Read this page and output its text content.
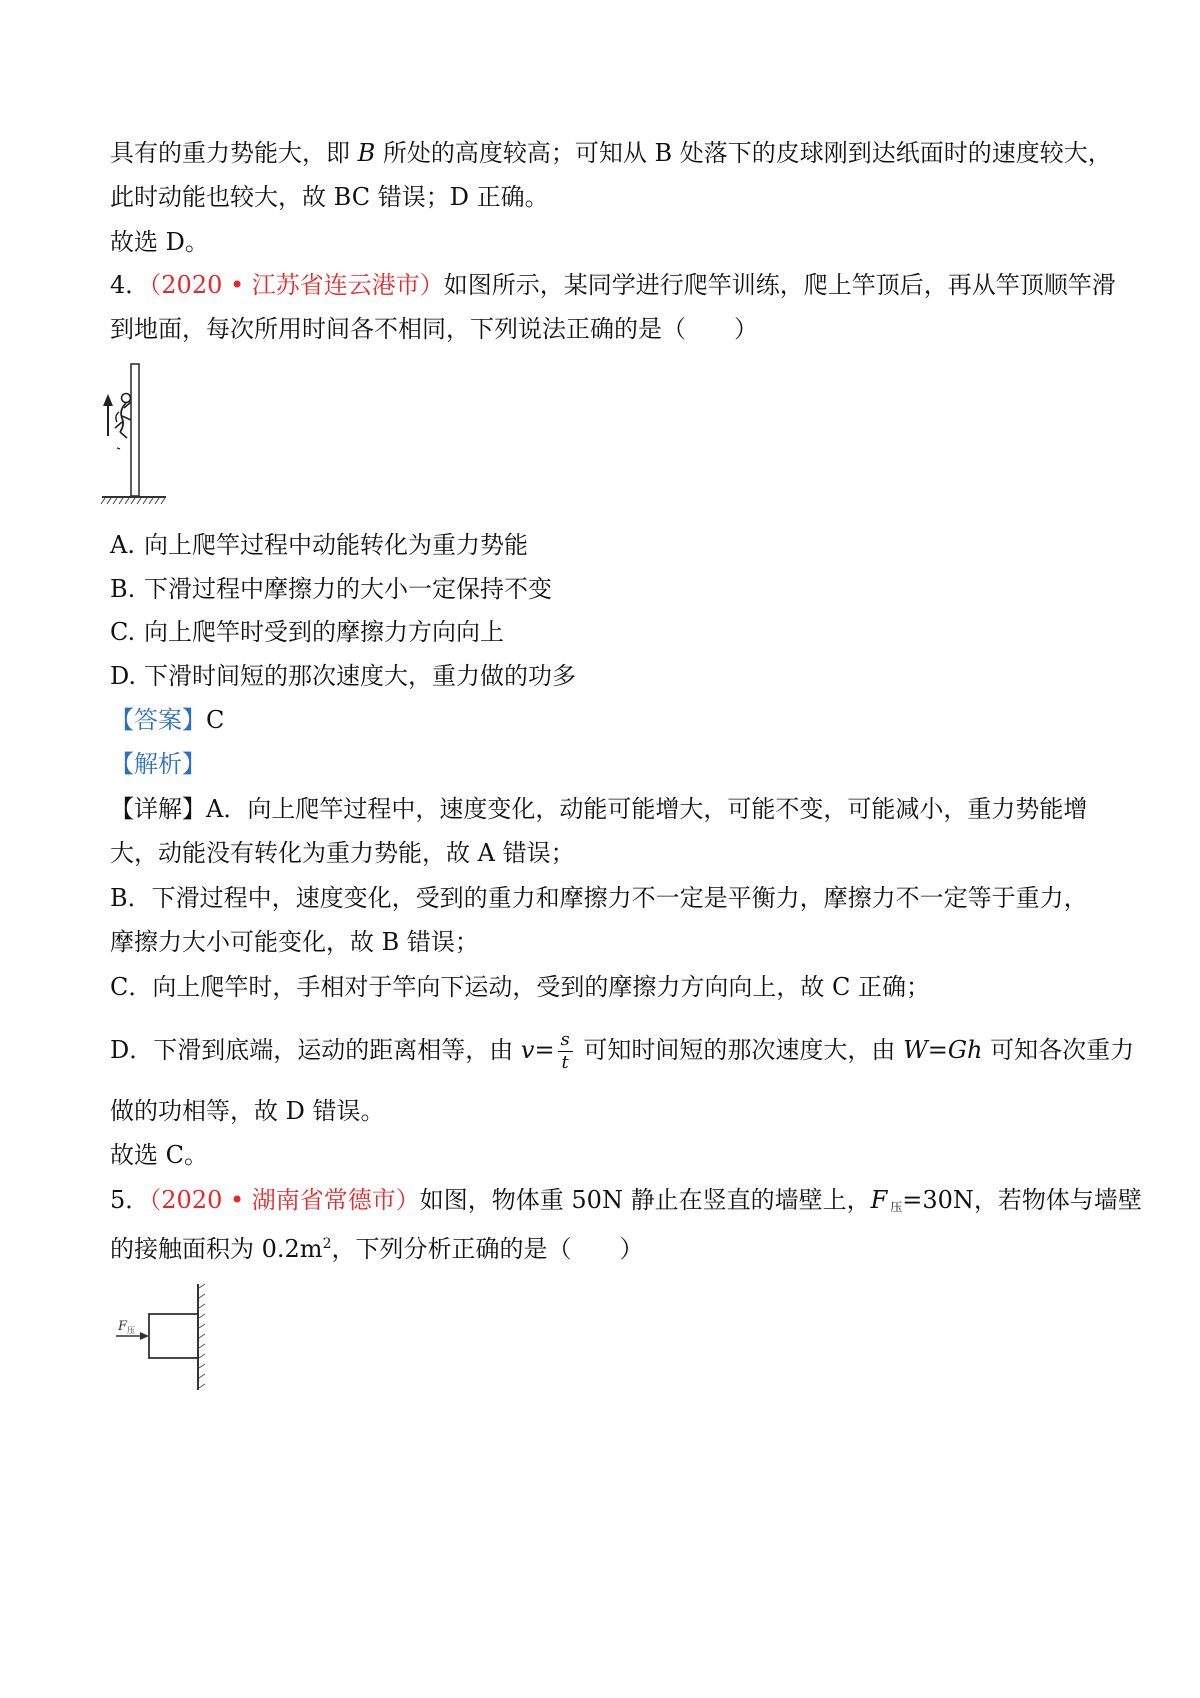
具有的重力势能大，即 B 所处的高度较高；可知从 B 处落下的皮球刚到达纸面时的速度较大，
此时动能也较大，故 BC 错误；D 正确。
故选 D。
4．（2020 • 江苏省连云港市）如图所示，某同学进行爬竿训练，爬上竿顶后，再从竿顶顺竿滑
到地面，每次所用时间各不相同，下列说法正确的是（　　）
A. 向上爬竿过程中动能转化为重力势能
B. 下滑过程中摩擦力的大小一定保持不变
C. 向上爬竿时受到的摩擦力方向向上
D. 下滑时间短的那次速度大，重力做的功多
【答案】C
【解析】
【详解】A．向上爬竿过程中，速度变化，动能可能增大，可能不变，可能减小，重力势能增
大，动能没有转化为重力势能，故 A 错误；
B．下滑过程中，速度变化，受到的重力和摩擦力不一定是平衡力，摩擦力不一定等于重力，
摩擦力大小可能变化，故 B 错误；
C．向上爬竿时，手相对于竿向下运动，受到的摩擦力方向向上，故 C 正确；
D．下滑到底端，运动的距离相等，由 $v= \frac{s}{t}$ 可知时间短的那次速度大，由 W=Gh 可知各次重力
做的功相等，故 D 错误。
故选 C。
5．（2020 • 湖南省常德市）如图，物体重 50N 静止在竖直的墙壁上，F $_压$=30N，若物体与墙壁
的接触面积为 $0.2m^2$，下列分析正确的是（　　）
F 压
